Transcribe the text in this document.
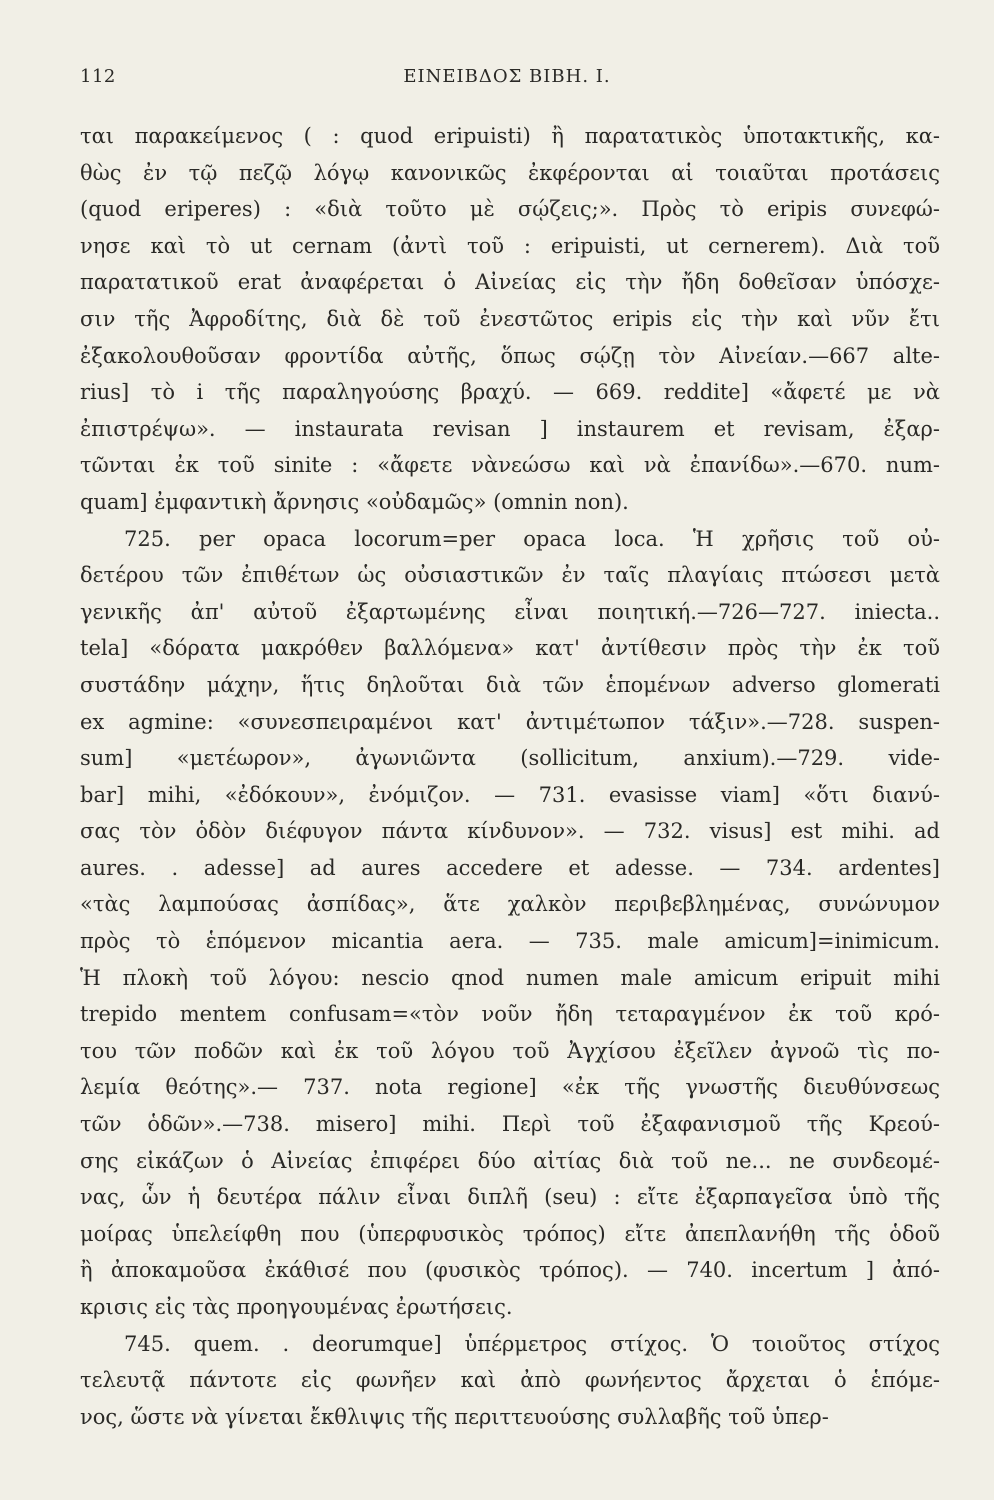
112	ΕΙΝΕΙΒΔΟΣ ΒΙΒΗ. I.
ται παρακείμενος ( : quod eripuisti) ἢ παρατατικὸς ὑποτακτικῆς, κα-
θὼς ἐν τῷ πεζῷ λόγῳ κανονικῶς ἐκφέρονται αἱ τοιαῦται προτάσεις
(quod eriperes) : «διὰ τοῦτο μὲ σῴζεις;». Πρὸς τὸ eripis συνεφώ-
νησε καὶ τὸ ut cernam (ἀντὶ τοῦ : eripuisti, ut cernerem). Διὰ τοῦ
παρατατικοῦ erat ἀναφέρεται ὁ Αἰνείας εἰς τὴν ἤδη δοθεῖσαν ὑπόσχε-
σιν τῆς Ἀφροδίτης, διὰ δὲ τοῦ ἐνεστῶτος eripis εἰς τὴν καὶ νῦν ἔτι
ἐξακολουθοῦσαν φροντίδα αὐτῆς, ὅπως σῴζῃ τὸν Αἰνείαν.—667 alte-
rius] τὸ i τῆς παραληγούσης βραχύ. — 669. reddite] «ἄφετέ με νὰ
ἐπιστρέψω». — instaurata revisan ] instaurem et revisam, ἐξαρ-
τῶνται ἐκ τοῦ sinite : «ἄφετε νὰνεώσω καὶ νὰ ἐπανίδω».—670. num-
quam] ἐμφαντικὴ ἄρνησις «οὐδαμῶς» (omnin non).
725. per opaca locorum=per opaca loca. Ἡ χρῆσις τοῦ οὐ-
δετέρου τῶν ἐπιθέτων ὡς οὐσιαστικῶν ἐν ταῖς πλαγίαις πτώσεσι μετὰ
γενικῆς ἀπ' αὐτοῦ ἐξαρτωμένης εἶναι ποιητική.—726—727. iniecta..
tela] «δόρατα μακρόθεν βαλλόμενα» κατ' ἀντίθεσιν πρὸς τὴν ἐκ τοῦ
συστάδην μάχην, ἥτις δηλοῦται διὰ τῶν ἑπομένων adverso glomerati
ex agmine: «συνεσπειραμένοι κατ' ἀντιμέτωπον τάξιν».—728. suspen-
sum] «μετέωρον», ἀγωνιῶντα (sollicitum, anxium).—729. vide-
bar] mihi, «ἐδόκουν», ἐνόμιζον. — 731. evasisse viam] «ὅτι διανύ-
σας τὸν ὁδὸν διέφυγον πάντα κίνδυνον». — 732. visus] est mihi. ad
aures. . adesse] ad aures accedere et adesse. — 734. ardentes]
«τὰς λαμπούσας ἀσπίδας», ἅτε χαλκὸν περιβεβλημένας, συνώνυμον
πρὸς τὸ ἑπόμενον micantia aera. — 735. male amicum]=inimicum.
Ἡ πλοκὴ τοῦ λόγου: nescio qnod numen male amicum eripuit mihi
trepido mentem confusam=«τὸν νοῦν ἤδη τεταραγμένον ἐκ τοῦ κρό-
του τῶν ποδῶν καὶ ἐκ τοῦ λόγου τοῦ Ἀγχίσου ἐξεῖλεν ἀγνοῶ τὶς πο-
λεμία θεότης».— 737. nota regione] «ἐκ τῆς γνωστῆς διευθύνσεως
τῶν ὁδῶν».—738. misero] mihi. Περὶ τοῦ ἐξαφανισμοῦ τῆς Κρεού-
σης εἰκάζων ὁ Αἰνείας ἐπιφέρει δύο αἰτίας διὰ τοῦ ne... ne συνδεομέ-
νας, ὧν ἡ δευτέρα πάλιν εἶναι διπλῆ (seu) : εἴτε ἐξαρπαγεῖσα ὑπὸ τῆς
μοίρας ὑπελείφθη που (ὑπερφυσικὸς τρόπος) εἴτε ἀπεπλανήθη τῆς ὁδοῦ
ἢ ἀποκαμοῦσα ἐκάθισέ που (φυσικὸς τρόπος). — 740. incertum ] ἀπό-
κρισις εἰς τὰς προηγουμένας ἐρωτήσεις.
745. quem. . deorumque] ὑπέρμετρος στίχος. Ὁ τοιοῦτος στίχος
τελευτᾷ πάντοτε εἰς φωνῆεν καὶ ἀπὸ φωνήεντος ἄρχεται ὁ ἑπόμε-
νος, ὥστε νὰ γίνεται ἔκθλιψις τῆς περιττευούσης συλλαβῆς τοῦ ὑπερ-
